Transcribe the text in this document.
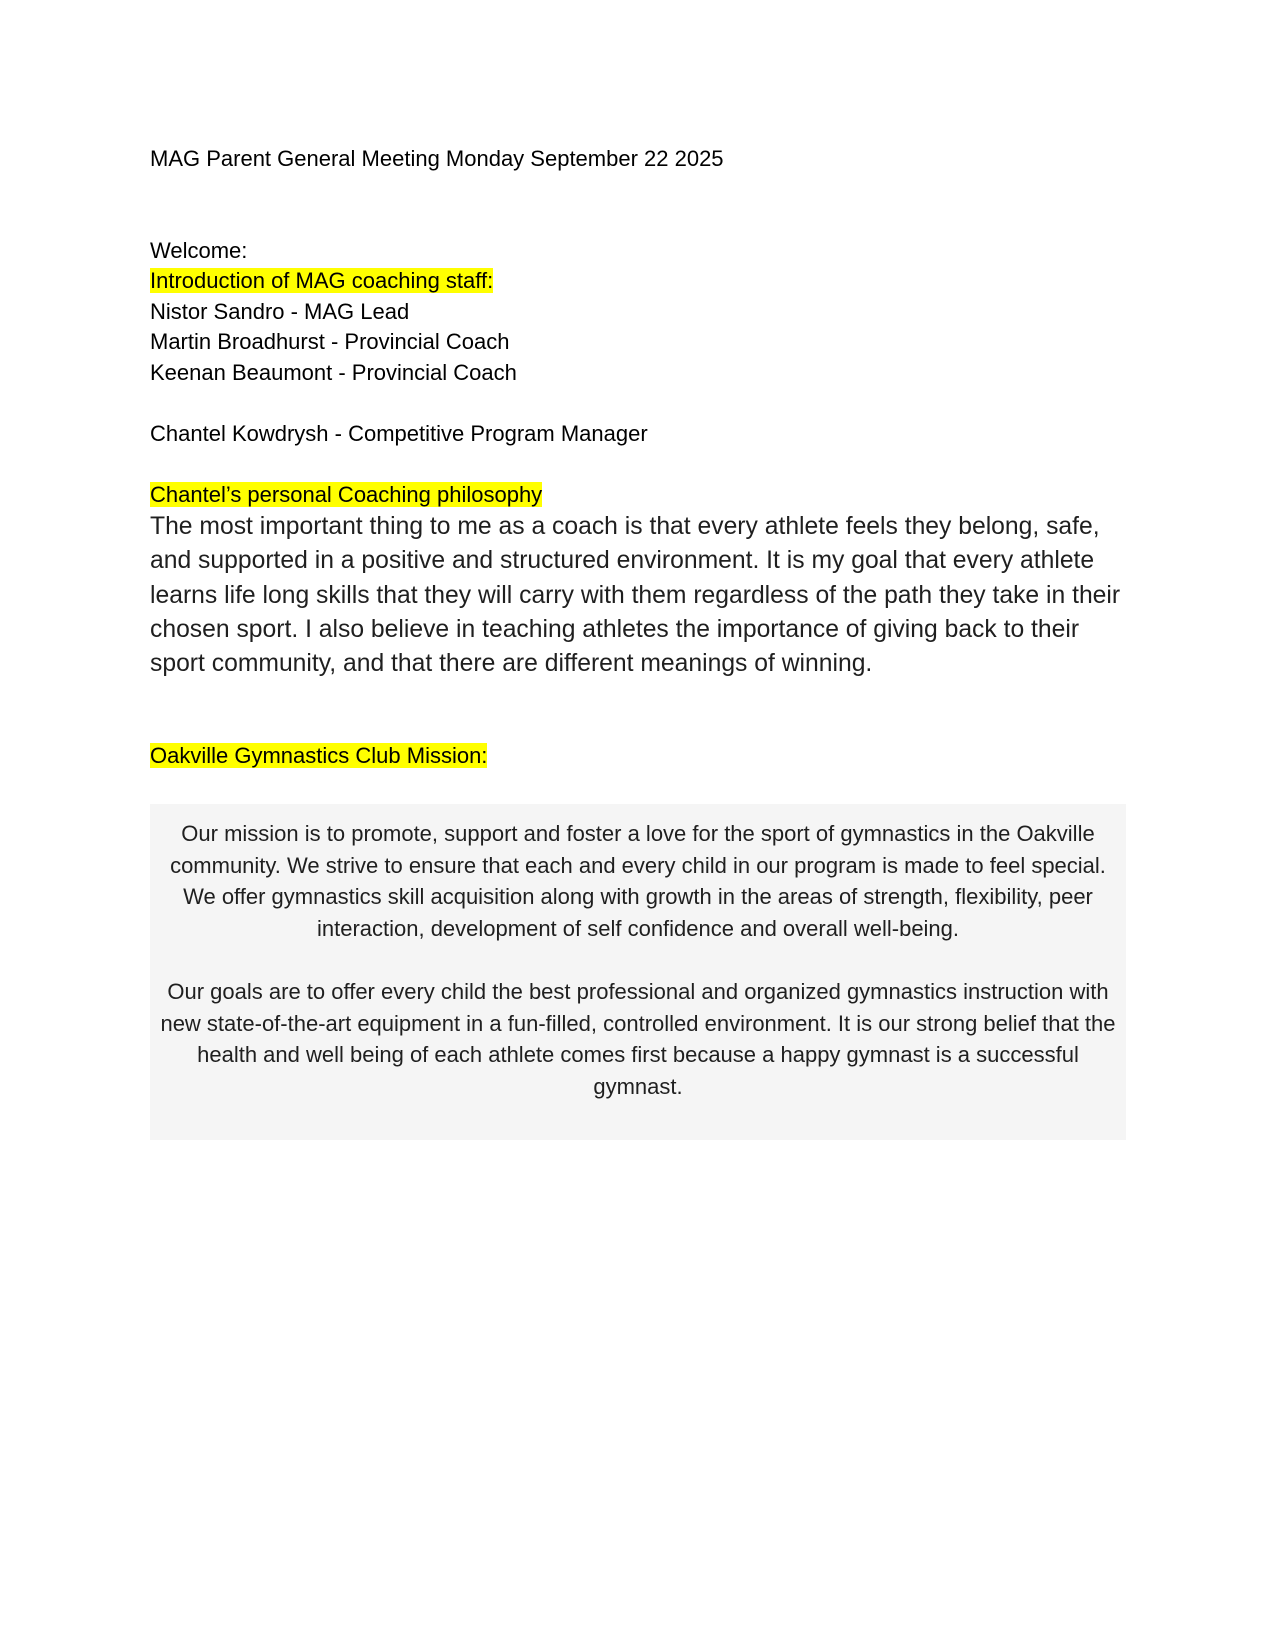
MAG Parent General Meeting Monday September 22 2025

Welcome:

Introduction of MAG coaching staff:

Nistor Sandro - MAG Lead

Martin Broadhurst - Provincial Coach

Keenan Beaumont - Provincial Coach

Chantel Kowdrysh - Competitive Program Manager

Chantel’s personal Coaching philosophy

The most important thing to me as a coach is that every athlete feels they belong, safe, and supported in a positive and structured environment. It is my goal that every athlete learns life long skills that they will carry with them regardless of the path they take in their chosen sport. I also believe in teaching athletes the importance of giving back to their sport community, and that there are different meanings of winning.

Oakville Gymnastics Club Mission:

Our mission is to promote, support and foster a love for the sport of gymnastics in the Oakville community. We strive to ensure that each and every child in our program is made to feel special. We offer gymnastics skill acquisition along with growth in the areas of strength, flexibility, peer interaction, development of self confidence and overall well-being.

Our goals are to offer every child the best professional and organized gymnastics instruction with new state-of-the-art equipment in a fun-filled, controlled environment. It is our strong belief that the health and well being of each athlete comes first because a happy gymnast is a successful gymnast.
